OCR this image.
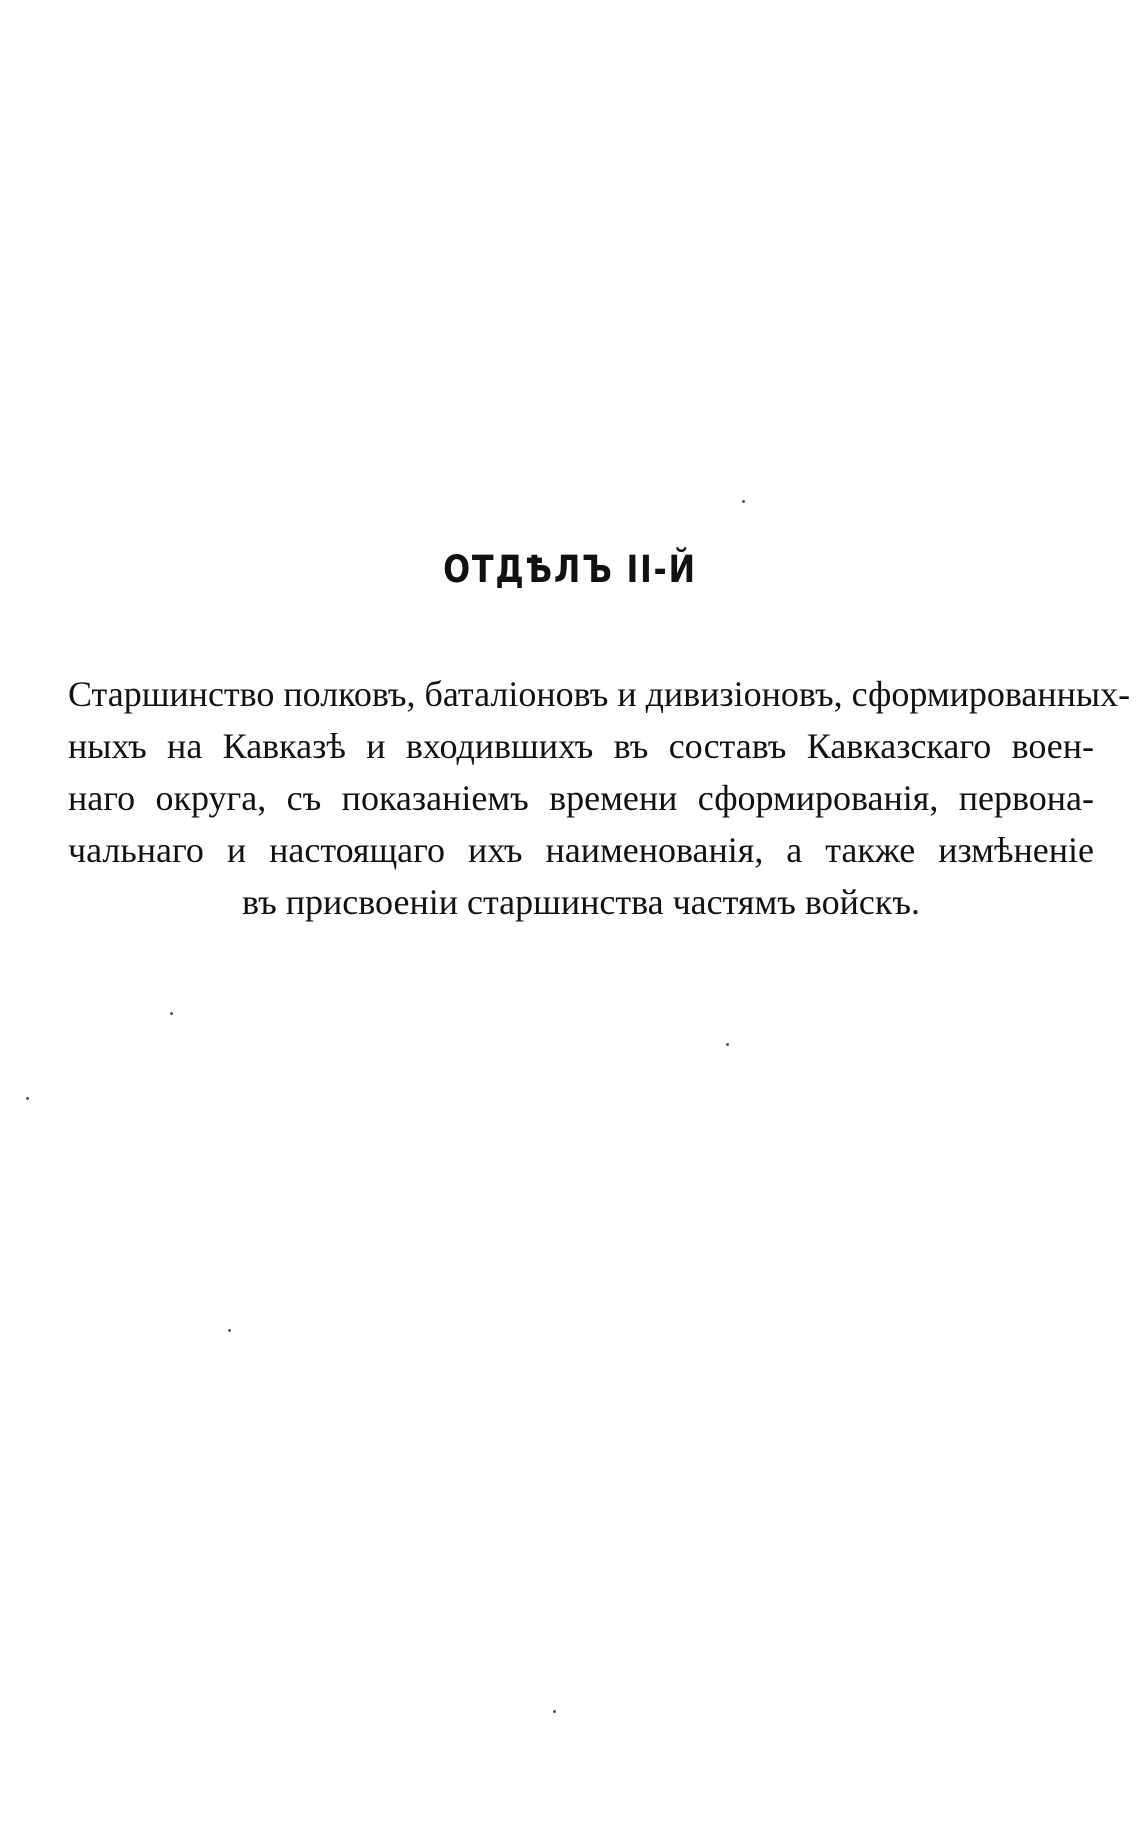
ОТДѢЛЪ II-Й
Старшинство полковъ, баталіоновъ и дивизіоновъ, сформированных-
ныхъ на Кавказѣ и входившихъ въ составъ Кавказскаго воен-
наго округа, съ показаніемъ времени сформированія, первона-
чальнаго и настоящаго ихъ наименованія, а также измѣненіе
въ присвоеніи старшинства частямъ войскъ.
